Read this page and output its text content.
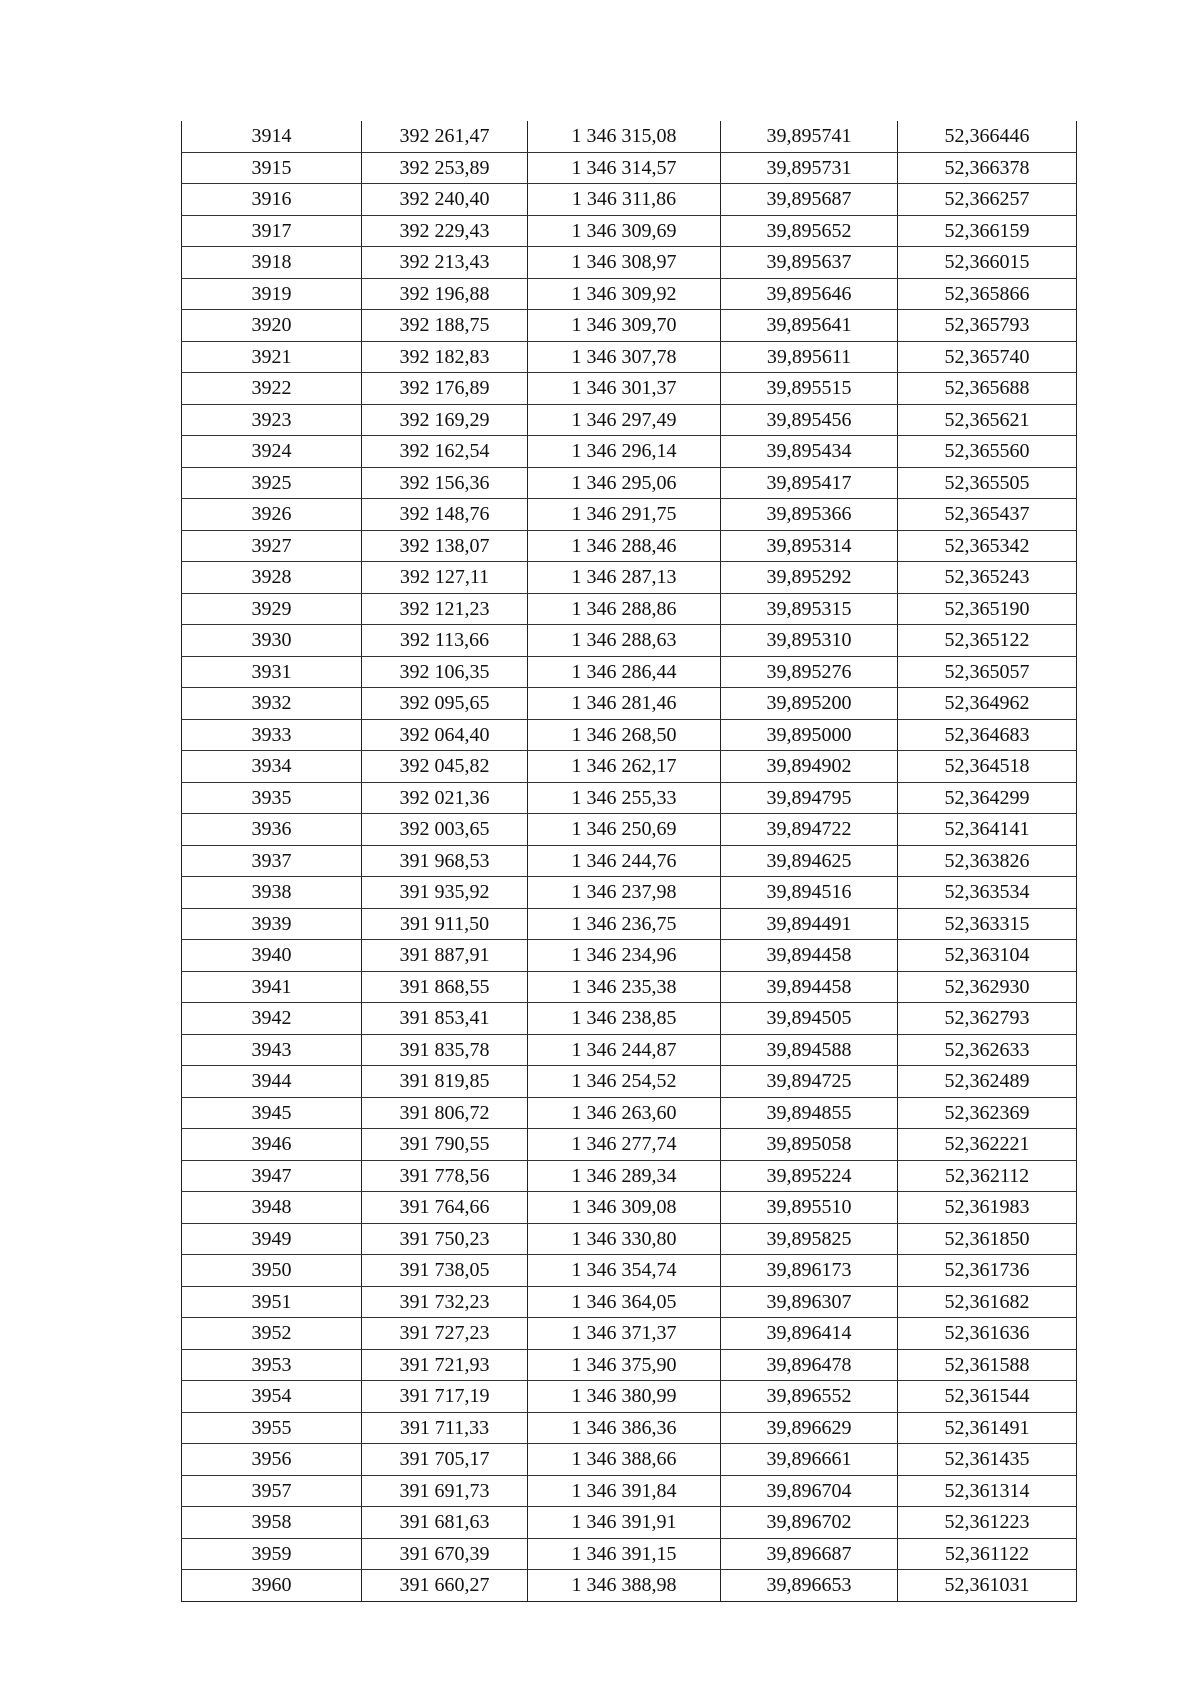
3914	392 261,47	1 346 315,08	39,895741	52,366446
3915	392 253,89	1 346 314,57	39,895731	52,366378
3916	392 240,40	1 346 311,86	39,895687	52,366257
3917	392 229,43	1 346 309,69	39,895652	52,366159
3918	392 213,43	1 346 308,97	39,895637	52,366015
3919	392 196,88	1 346 309,92	39,895646	52,365866
3920	392 188,75	1 346 309,70	39,895641	52,365793
3921	392 182,83	1 346 307,78	39,895611	52,365740
3922	392 176,89	1 346 301,37	39,895515	52,365688
3923	392 169,29	1 346 297,49	39,895456	52,365621
3924	392 162,54	1 346 296,14	39,895434	52,365560
3925	392 156,36	1 346 295,06	39,895417	52,365505
3926	392 148,76	1 346 291,75	39,895366	52,365437
3927	392 138,07	1 346 288,46	39,895314	52,365342
3928	392 127,11	1 346 287,13	39,895292	52,365243
3929	392 121,23	1 346 288,86	39,895315	52,365190
3930	392 113,66	1 346 288,63	39,895310	52,365122
3931	392 106,35	1 346 286,44	39,895276	52,365057
3932	392 095,65	1 346 281,46	39,895200	52,364962
3933	392 064,40	1 346 268,50	39,895000	52,364683
3934	392 045,82	1 346 262,17	39,894902	52,364518
3935	392 021,36	1 346 255,33	39,894795	52,364299
3936	392 003,65	1 346 250,69	39,894722	52,364141
3937	391 968,53	1 346 244,76	39,894625	52,363826
3938	391 935,92	1 346 237,98	39,894516	52,363534
3939	391 911,50	1 346 236,75	39,894491	52,363315
3940	391 887,91	1 346 234,96	39,894458	52,363104
3941	391 868,55	1 346 235,38	39,894458	52,362930
3942	391 853,41	1 346 238,85	39,894505	52,362793
3943	391 835,78	1 346 244,87	39,894588	52,362633
3944	391 819,85	1 346 254,52	39,894725	52,362489
3945	391 806,72	1 346 263,60	39,894855	52,362369
3946	391 790,55	1 346 277,74	39,895058	52,362221
3947	391 778,56	1 346 289,34	39,895224	52,362112
3948	391 764,66	1 346 309,08	39,895510	52,361983
3949	391 750,23	1 346 330,80	39,895825	52,361850
3950	391 738,05	1 346 354,74	39,896173	52,361736
3951	391 732,23	1 346 364,05	39,896307	52,361682
3952	391 727,23	1 346 371,37	39,896414	52,361636
3953	391 721,93	1 346 375,90	39,896478	52,361588
3954	391 717,19	1 346 380,99	39,896552	52,361544
3955	391 711,33	1 346 386,36	39,896629	52,361491
3956	391 705,17	1 346 388,66	39,896661	52,361435
3957	391 691,73	1 346 391,84	39,896704	52,361314
3958	391 681,63	1 346 391,91	39,896702	52,361223
3959	391 670,39	1 346 391,15	39,896687	52,361122
3960	391 660,27	1 346 388,98	39,896653	52,361031
